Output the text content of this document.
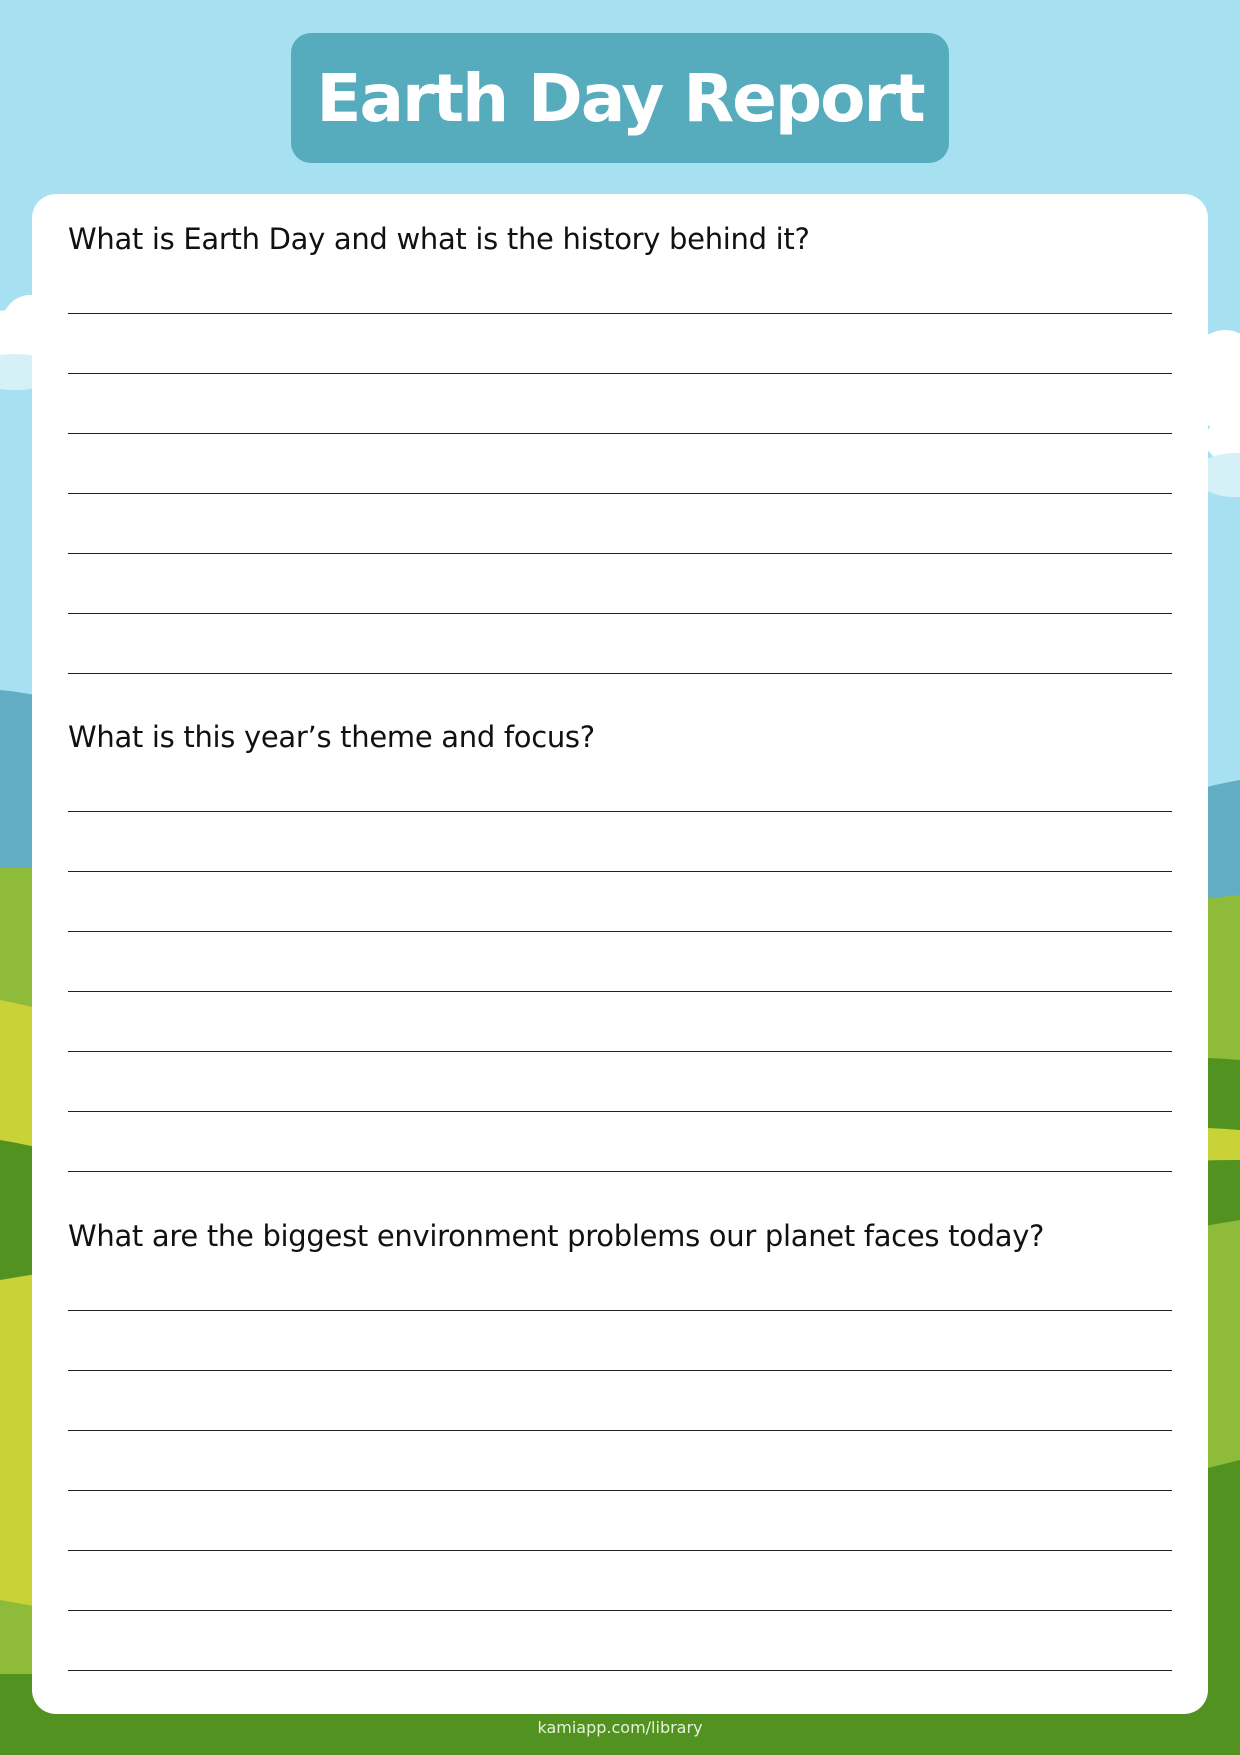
Earth Day Report

What is Earth Day and what is the history behind it?

What is this year’s theme and focus?

What are the biggest environment problems our planet faces today?

kamiapp.com/library
